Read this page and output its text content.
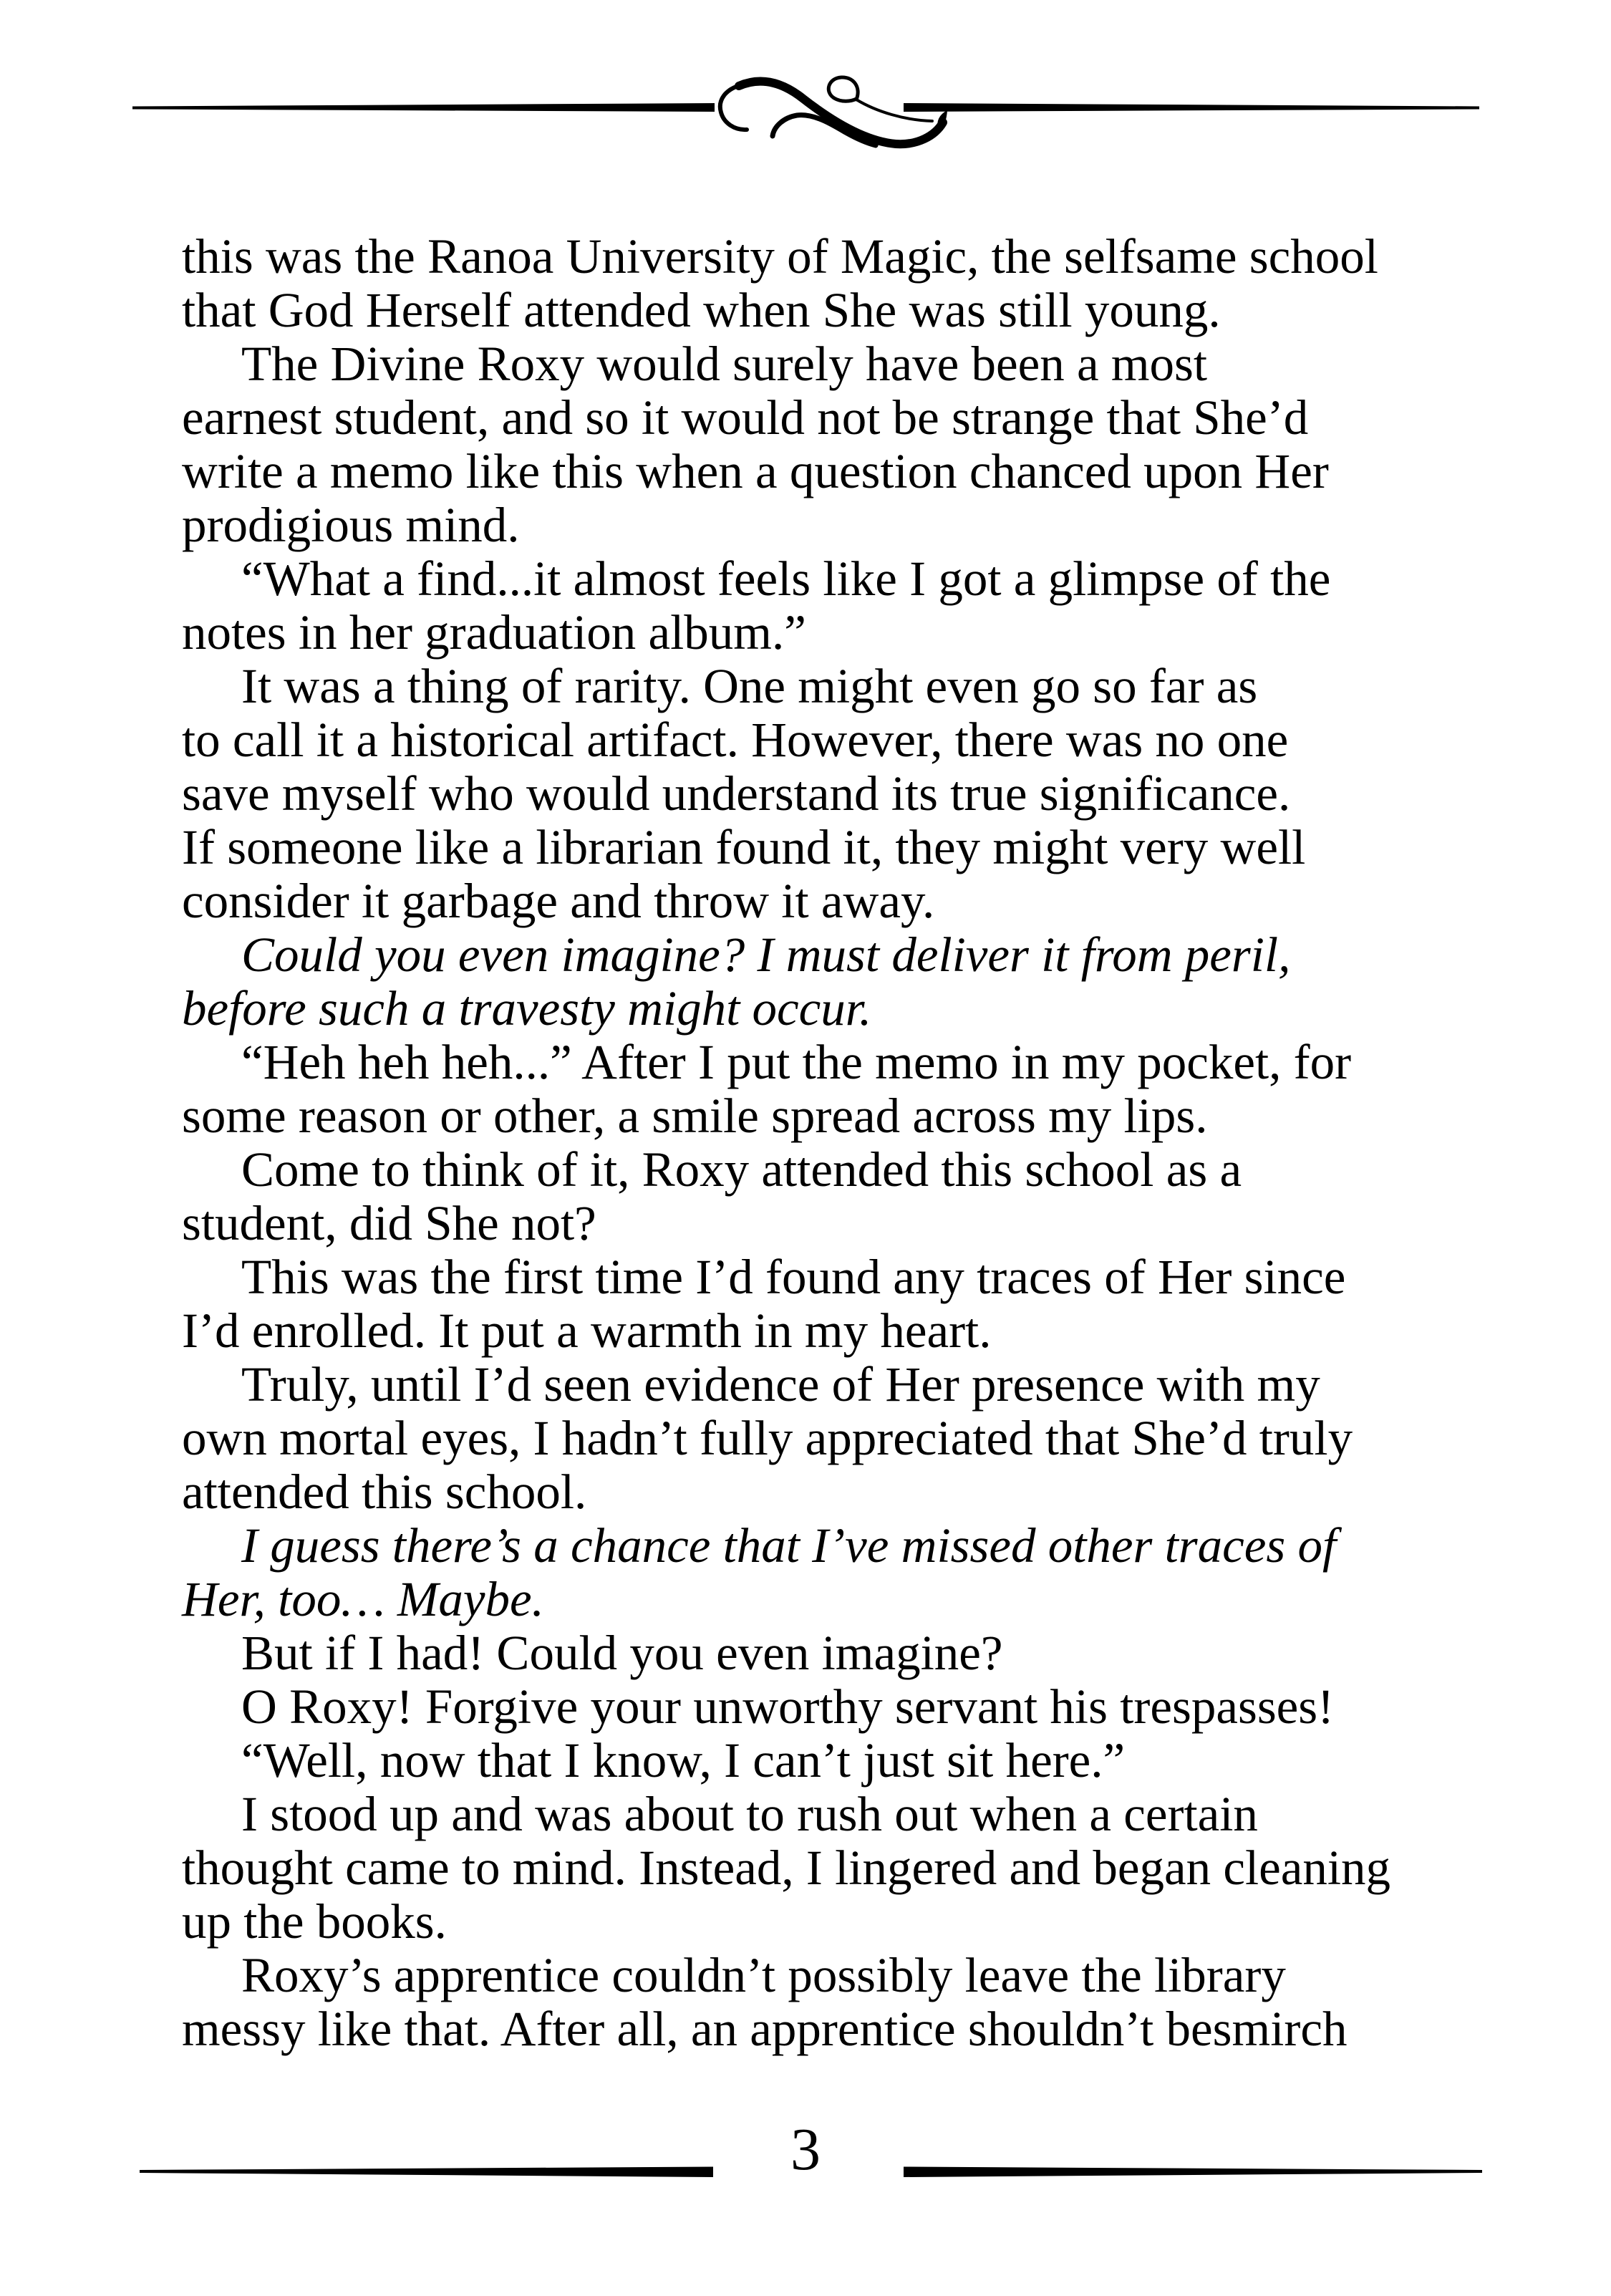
this was the Ranoa University of Magic, the selfsame school
that God Herself attended when She was still young.
The Divine Roxy would surely have been a most
earnest student, and so it would not be strange that She’d
write a memo like this when a question chanced upon Her
prodigious mind.
“What a find...it almost feels like I got a glimpse of the
notes in her graduation album.”
It was a thing of rarity. One might even go so far as
to call it a historical artifact. However, there was no one
save myself who would understand its true significance.
If someone like a librarian found it, they might very well
consider it garbage and throw it away.
Could you even imagine? I must deliver it from peril,
before such a travesty might occur.
“Heh heh heh...” After I put the memo in my pocket, for
some reason or other, a smile spread across my lips.
Come to think of it, Roxy attended this school as a
student, did She not?
This was the first time I’d found any traces of Her since
I’d enrolled. It put a warmth in my heart.
Truly, until I’d seen evidence of Her presence with my
own mortal eyes, I hadn’t fully appreciated that She’d truly
attended this school.
I guess there’s a chance that I’ve missed other traces of
Her, too… Maybe.
But if I had! Could you even imagine?
O Roxy! Forgive your unworthy servant his trespasses!
“Well, now that I know, I can’t just sit here.”
I stood up and was about to rush out when a certain
thought came to mind. Instead, I lingered and began cleaning
up the books.
Roxy’s apprentice couldn’t possibly leave the library
messy like that. After all, an apprentice shouldn’t besmirch
3
